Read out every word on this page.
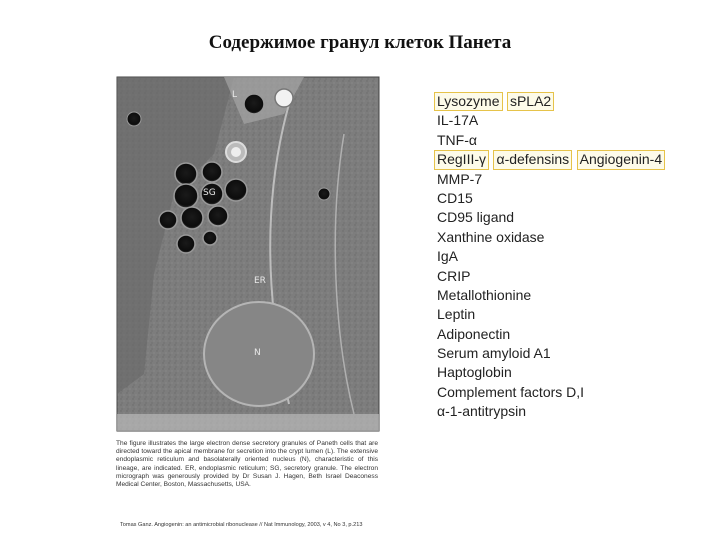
Содержимое гранул клеток Панета
L
SG
ER
N
The figure illustrates the large electron dense secretory granules of Paneth cells that are directed toward the apical membrane for secretion into the crypt lumen (L). The extensive endoplasmic reticulum and basolaterally oriented nucleus (N), characteristic of this lineage, are indicated. ER, endoplasmic reticulum; SG, secretory granule. The electron micrograph was generously provided by Dr Susan J. Hagen, Beth Israel Deaconess Medical Center, Boston, Massachusetts, USA.
Tomas Ganz. Angiogenin: an antimicrobial ribonuclease // Nat Immunology, 2003, v 4, No 3, p.213
Lysozyme sPLA2
IL-17A
TNF-α
RegIII-γ α-defensins Angiogenin-4
MMP-7
CD15
CD95 ligand
Xanthine oxidase
IgA
CRIP
Metallothionine
Leptin
Adiponectin
Serum amyloid A1
Haptoglobin
Complement factors D,I
α-1-antitrypsin
